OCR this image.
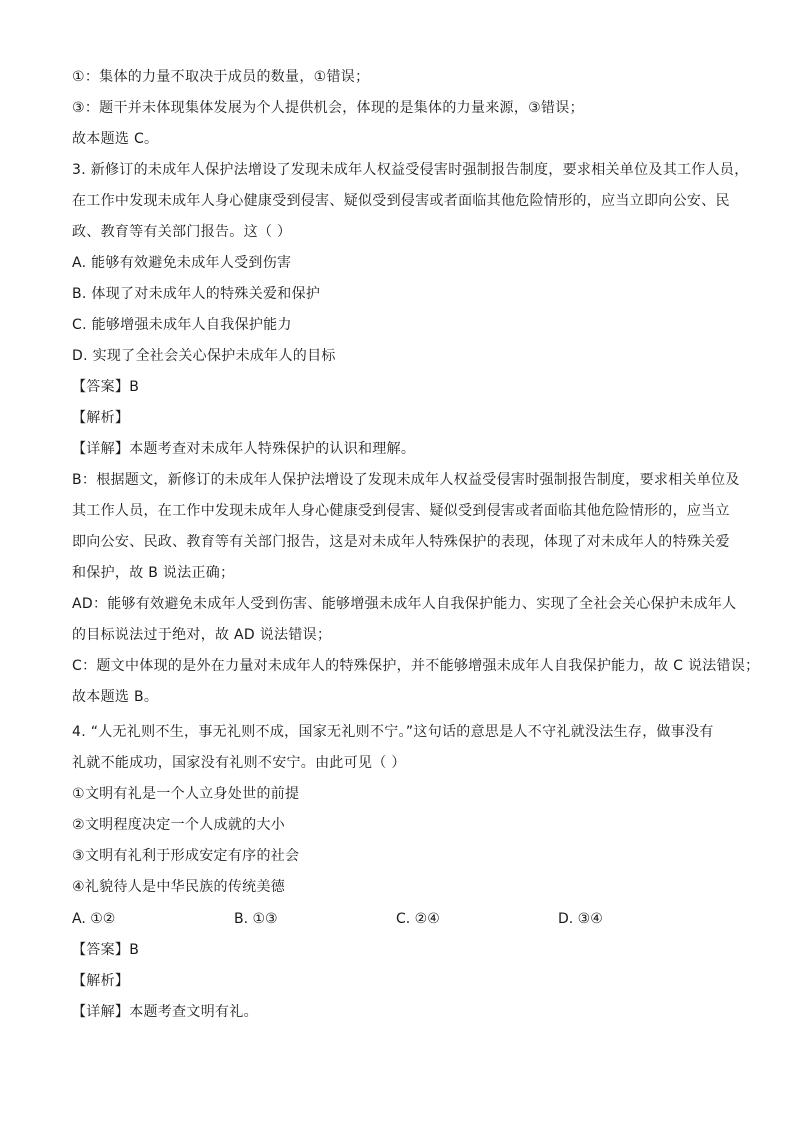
①：集体的力量不取决于成员的数量，①错误；
③：题干并未体现集体发展为个人提供机会，体现的是集体的力量来源，③错误；
故本题选 C。
3. 新修订的未成年人保护法增设了发现未成年人权益受侵害时强制报告制度，要求相关单位及其工作人员，
在工作中发现未成年人身心健康受到侵害、疑似受到侵害或者面临其他危险情形的，应当立即向公安、民
政、教育等有关部门报告。这（ ）
A. 能够有效避免未成年人受到伤害
B. 体现了对未成年人的特殊关爱和保护
C. 能够增强未成年人自我保护能力
D. 实现了全社会关心保护未成年人的目标
【答案】B
【解析】
【详解】本题考查对未成年人特殊保护的认识和理解。
B：根据题文，新修订的未成年人保护法增设了发现未成年人权益受侵害时强制报告制度，要求相关单位及
其工作人员，在工作中发现未成年人身心健康受到侵害、疑似受到侵害或者面临其他危险情形的，应当立
即向公安、民政、教育等有关部门报告，这是对未成年人特殊保护的表现，体现了对未成年人的特殊关爱
和保护，故 B 说法正确；
AD：能够有效避免未成年人受到伤害、能够增强未成年人自我保护能力、实现了全社会关心保护未成年人
的目标说法过于绝对，故 AD 说法错误；
C：题文中体现的是外在力量对未成年人的特殊保护，并不能够增强未成年人自我保护能力，故 C 说法错误；
故本题选 B。
4. “人无礼则不生，事无礼则不成，国家无礼则不宁。”这句话的意思是人不守礼就没法生存，做事没有
礼就不能成功，国家没有礼则不安宁。由此可见（ ）
①文明有礼是一个人立身处世的前提
②文明程度决定一个人成就的大小
③文明有礼利于形成安定有序的社会
④礼貌待人是中华民族的传统美德
A. ①②	B. ①③	C. ②④	D. ③④
【答案】B
【解析】
【详解】本题考查文明有礼。
